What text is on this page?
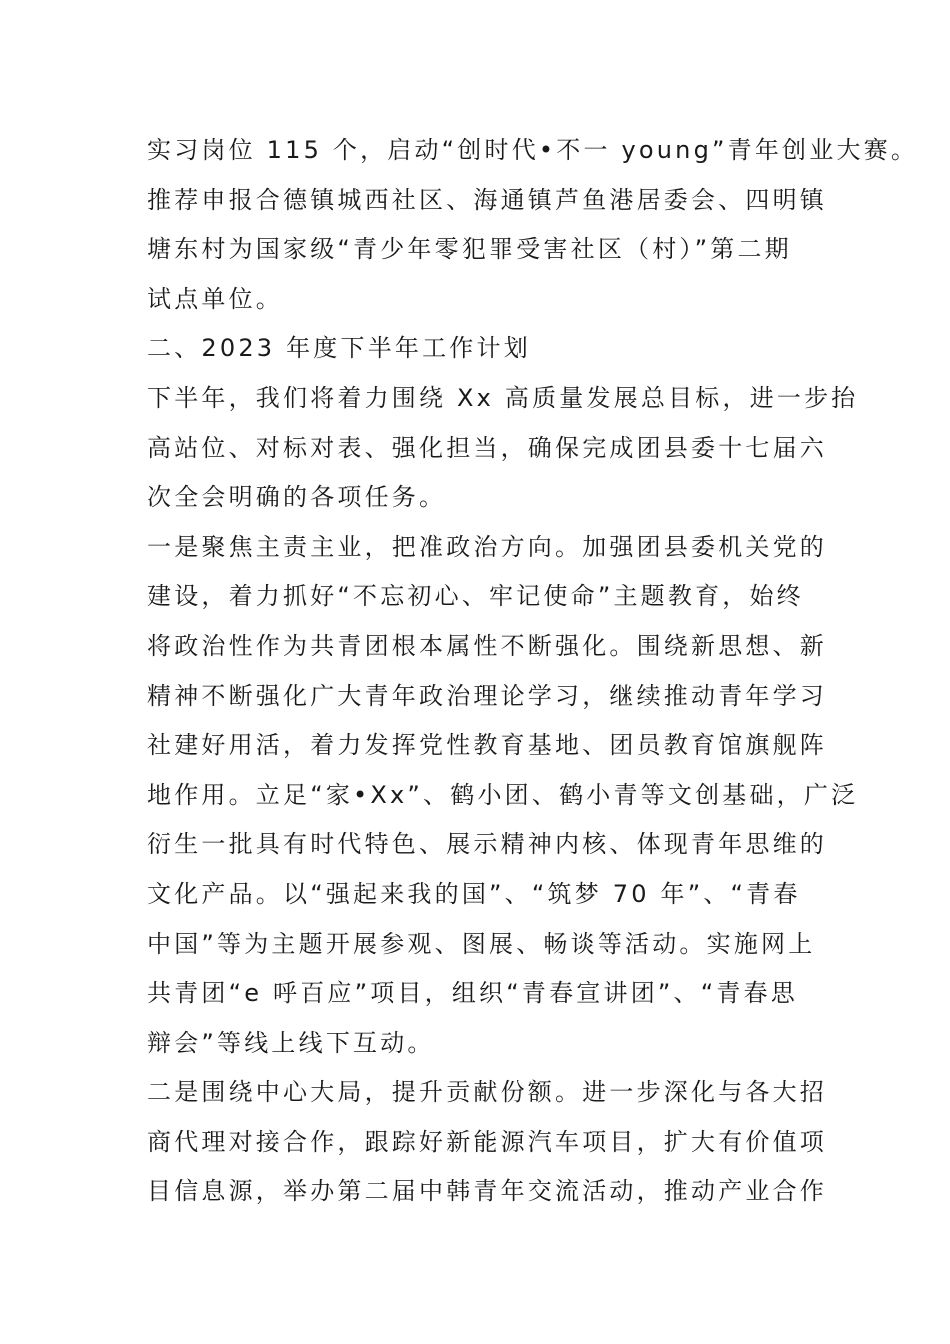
实习岗位 115 个，启动“创时代•不一 young”青年创业大赛。
推荐申报合德镇城西社区、海通镇芦鱼港居委会、四明镇
塘东村为国家级“青少年零犯罪受害社区（村）”第二期
试点单位。
二、2023 年度下半年工作计划
下半年，我们将着力围绕 Xx 高质量发展总目标，进一步抬
高站位、对标对表、强化担当，确保完成团县委十七届六
次全会明确的各项任务。
一是聚焦主责主业，把准政治方向。加强团县委机关党的
建设，着力抓好“不忘初心、牢记使命”主题教育，始终
将政治性作为共青团根本属性不断强化。围绕新思想、新
精神不断强化广大青年政治理论学习，继续推动青年学习
社建好用活，着力发挥党性教育基地、团员教育馆旗舰阵
地作用。立足“家•Xx”、鹤小团、鹤小青等文创基础，广泛
衍生一批具有时代特色、展示精神内核、体现青年思维的
文化产品。以“强起来我的国”、“筑梦 70 年”、“青春
中国”等为主题开展参观、图展、畅谈等活动。实施网上
共青团“e 呼百应”项目，组织“青春宣讲团”、“青春思
辩会”等线上线下互动。
二是围绕中心大局，提升贡献份额。进一步深化与各大招
商代理对接合作，跟踪好新能源汽车项目，扩大有价值项
目信息源，举办第二届中韩青年交流活动，推动产业合作
